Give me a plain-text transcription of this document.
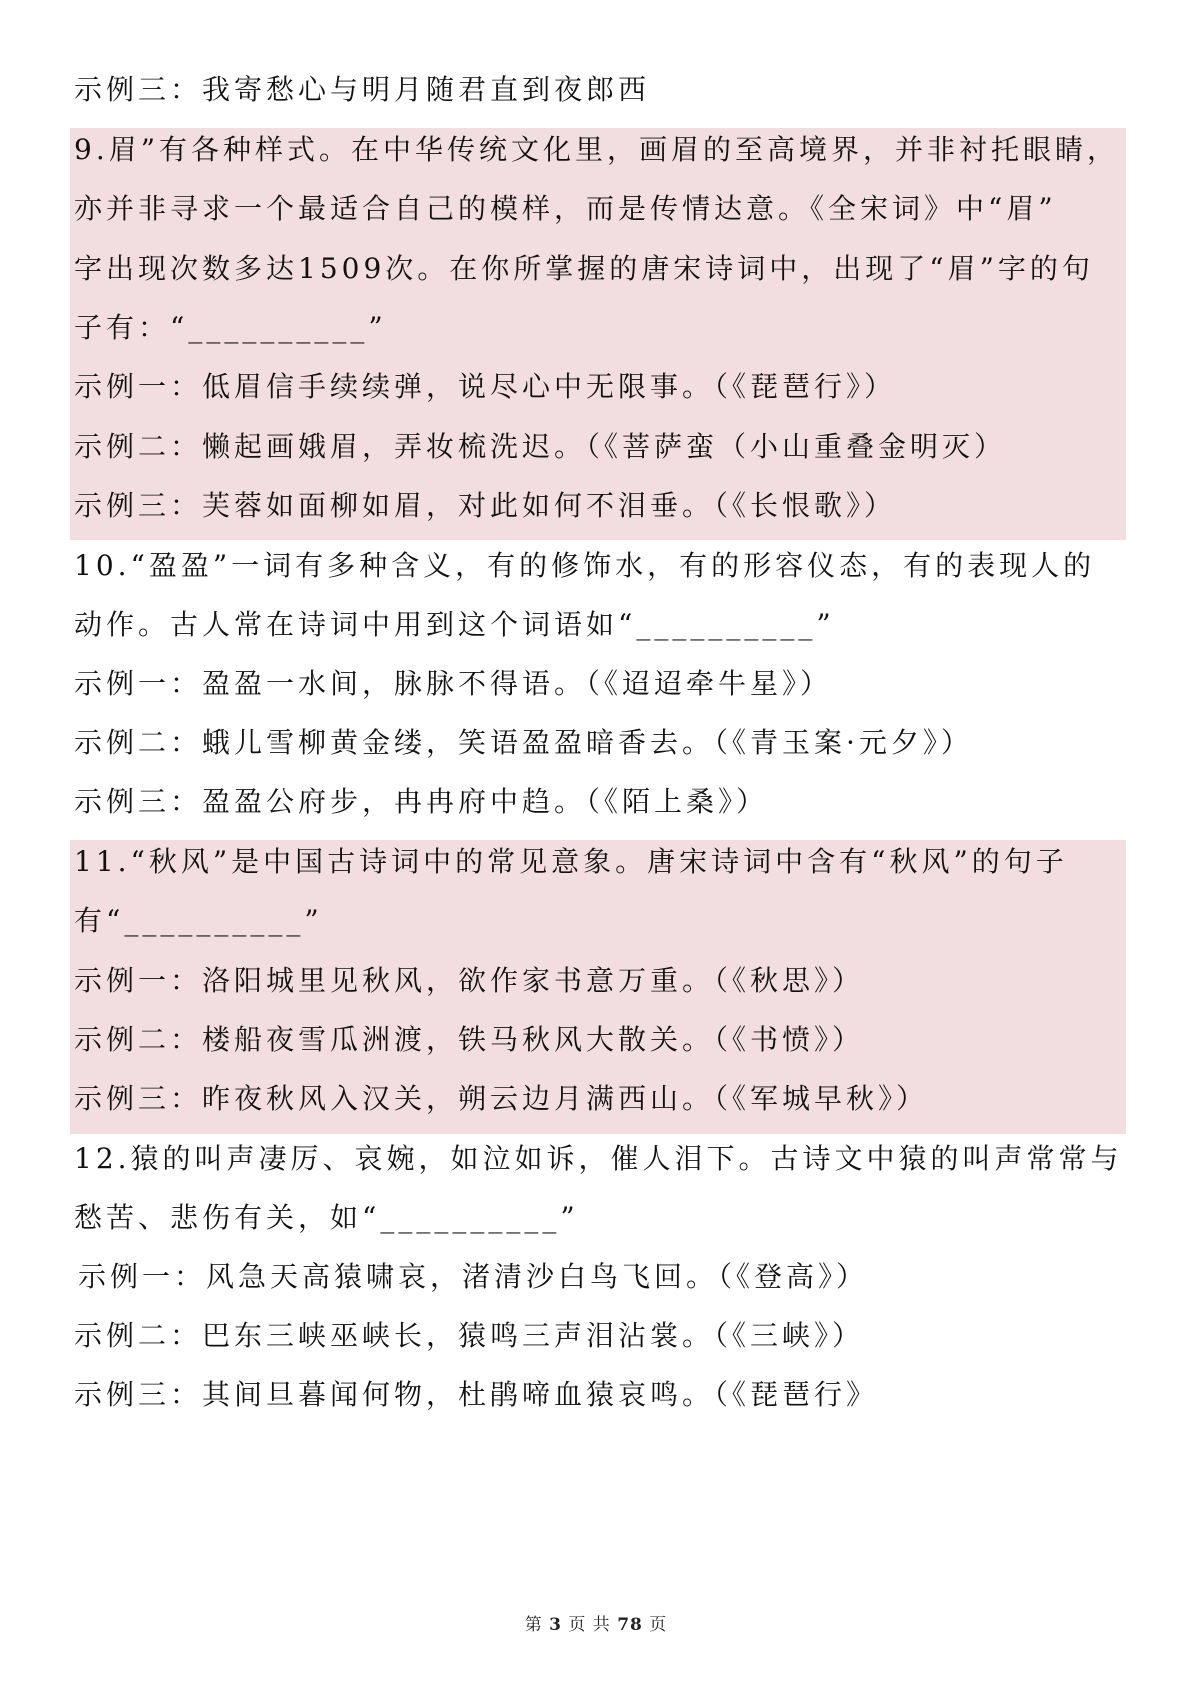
示例三：我寄愁心与明月随君直到夜郎西
9.眉”有各种样式。在中华传统文化里，画眉的至高境界，并非衬托眼睛，
亦并非寻求一个最适合自己的模样，而是传情达意。《全宋词》中“眉”
字出现次数多达1509次。在你所掌握的唐宋诗词中，出现了“眉”字的句
子有：“__________”
示例一：低眉信手续续弹，说尽心中无限事。（《琵琶行》）
示例二：懒起画娥眉，弄妆梳洗迟。（《菩萨蛮（小山重叠金明灭）
示例三：芙蓉如面柳如眉，对此如何不泪垂。（《长恨歌》）
10.“盈盈”一词有多种含义，有的修饰水，有的形容仪态，有的表现人的
动作。古人常在诗词中用到这个词语如“__________”
示例一：盈盈一水间，脉脉不得语。（《迢迢牵牛星》）
示例二：蛾儿雪柳黄金缕，笑语盈盈暗香去。（《青玉案·元夕》）
示例三：盈盈公府步，冉冉府中趋。（《陌上桑》）
11.“秋风”是中国古诗词中的常见意象。唐宋诗词中含有“秋风”的句子
有“__________”
示例一：洛阳城里见秋风，欲作家书意万重。（《秋思》）
示例二：楼船夜雪瓜洲渡，铁马秋风大散关。（《书愤》）
示例三：昨夜秋风入汉关，朔云边月满西山。（《军城早秋》）
12.猿的叫声凄厉、哀婉，如泣如诉，催人泪下。古诗文中猿的叫声常常与
愁苦、悲伤有关，如“__________”
示例一：风急天高猿啸哀，渚清沙白鸟飞回。（《登高》）
示例二：巴东三峡巫峡长，猿鸣三声泪沾裳。（《三峡》）
示例三：其间旦暮闻何物，杜鹃啼血猿哀鸣。（《琵琶行》
第 3 页 共 78 页
